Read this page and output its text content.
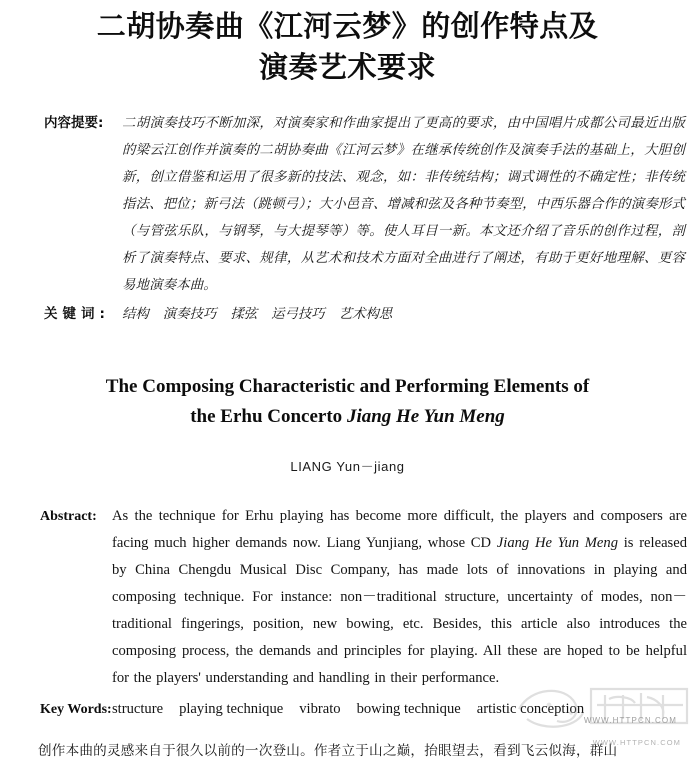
二胡协奏曲《江河云梦》的创作特点及
演奏艺术要求
内容提要:	二胡演奏技巧不断加深，对演奏家和作曲家提出了更高的要求，由中国唱片成都公司最近出版的梁云江创作并演奏的二胡协奏曲《江河云梦》在继承传统创作及演奏手法的基础上，大胆创新，创立借鉴和运用了很多新的技法、观念，如：非传统结构；调式调性的不确定性；非传统指法、把位；新弓法（跳顿弓）；大小邑音、增减和弦及各种节奏型，中西乐器合作的演奏形式（与管弦乐队，与钢琴，与大提琴等）等。使人耳目一新。本文还介绍了音乐的创作过程，剖析了演奏特点、要求、规律，从艺术和技术方面对全曲进行了阐述，有助于更好地理解、更容易地演奏本曲。
关键词: 结构 演奏技巧 揉弦 运弓技巧 艺术构思
The Composing Characteristic and Performing Elements of
the Erhu Concerto Jiang He Yun Meng
LIANG Yun－jiang
Abstract: As the technique for Erhu playing has become more difficult, the players and composers are facing much higher demands now. Liang Yunjiang, whose CD Jiang He Yun Meng is released by China Chengdu Musical Disc Company, has made lots of innovations in playing and composing technique. For instance: non－traditional structure, uncertainty of modes, non－traditional fingerings, position, new bowing, etc. Besides, this article also introduces the composing process, the demands and principles for playing. All these are hoped to be helpful for the players' understanding and handling in their performance.
Key Words: structure playing technique vibrato bowing technique artistic conception
创作本曲的灵感来自于很久以前的一次登山。作者立于山之巅，抬眼望去，看到飞云似海，群山
WWW.HTTPCN.COM
WWW.HTTPCN.COM
